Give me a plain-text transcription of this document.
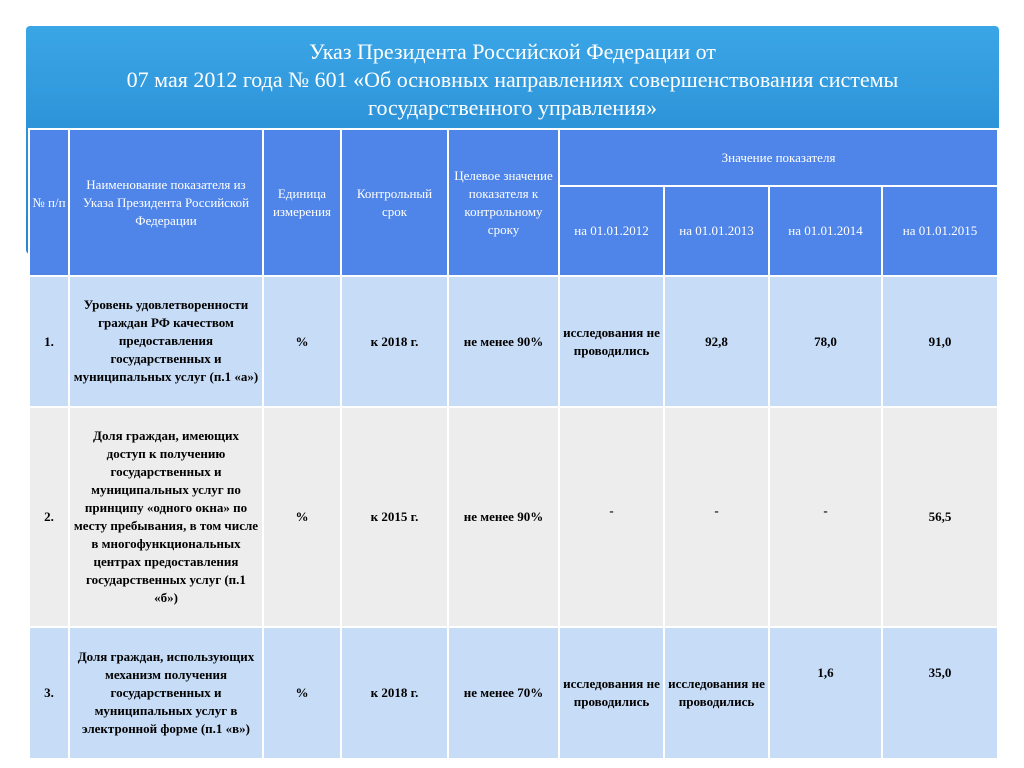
Указ Президента Российской Федерации от
07 мая 2012 года № 601 «Об основных направлениях совершенствования системы
государственного управления»
№ п/п	Наименование показателя из Указа Президента Российской Федерации	Единица измерения	Контрольный срок	Целевое значение показателя к контрольному сроку	Значение показателя			
					на 01.01.2012	на 01.01.2013	на 01.01.2014	на 01.01.2015
1.	Уровень удовлетворенности граждан РФ качеством предоставления государственных и муниципальных услуг (п.1 «а»)	%	к 2018 г.	не менее 90%	исследования не проводились	92,8	78,0	91,0
2.	Доля граждан, имеющих доступ к получению государственных и муниципальных услуг по принципу «одного окна» по месту пребывания, в том числе в многофункциональных центрах предоставления государственных услуг (п.1 «б»)	%	к 2015 г.	не менее 90%	-	-	-	56,5
3.	Доля граждан, использующих механизм получения государственных и муниципальных услуг в электронной форме (п.1 «в»)	%	к 2018 г.	не менее 70%	исследования не проводились	исследования не проводились	1,6	35,0
